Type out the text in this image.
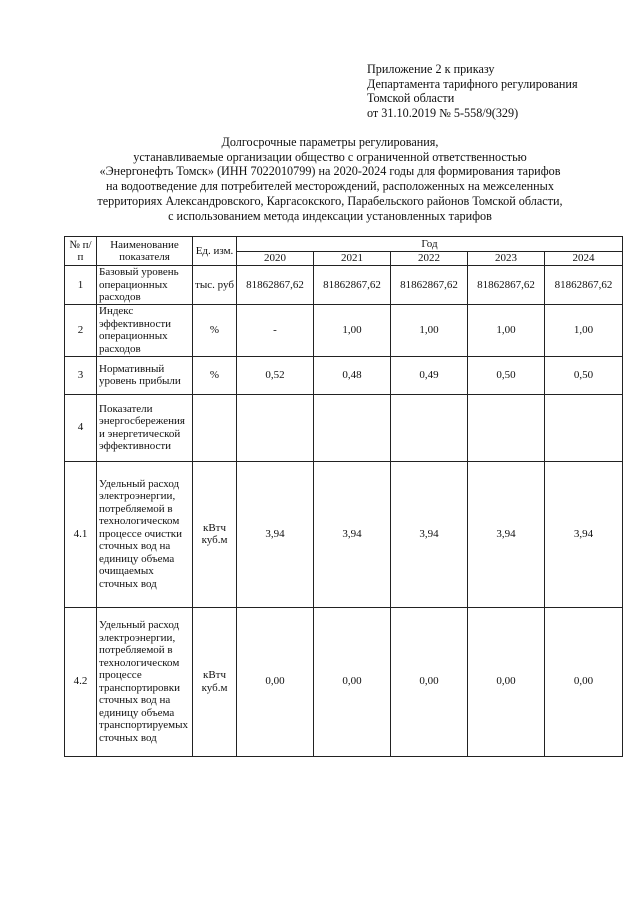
Приложение 2 к приказу
Департамента тарифного регулирования
Томской области
от 31.10.2019 № 5-558/9(329)
Долгосрочные параметры регулирования,
устанавливаемые организации общество с ограниченной ответственностью
«Энергонефть Томск» (ИНН 7022010799) на 2020-2024 годы для формирования тарифов
на водоотведение для потребителей месторождений, расположенных на межселенных
территориях Александровского, Каргасокского, Парабельского районов Томской области,
с использованием метода индексации установленных тарифов
№ п/п	Наименование показателя	Ед. изм.	Год				
			2020	2021	2022	2023	2024
1	Базовый уровень операционных расходов	тыс. руб	81862867,62	81862867,62	81862867,62	81862867,62	81862867,62
2	Индекс эффективности операционных расходов	%	-	1,00	1,00	1,00	1,00
3	Нормативный уровень прибыли	%	0,52	0,48	0,49	0,50	0,50
4	Показатели энергосбережения и энергетической эффективности						
4.1	Удельный расход электроэнергии, потребляемой в технологическом процессе очистки сточных вод на единицу объема очищаемых сточных вод	кВтч куб.м	3,94	3,94	3,94	3,94	3,94
4.2	Удельный расход электроэнергии, потребляемой в технологическом процессе транспортировки сточных вод на единицу объема транспортируемых сточных вод	кВтч куб.м	0,00	0,00	0,00	0,00	0,00
